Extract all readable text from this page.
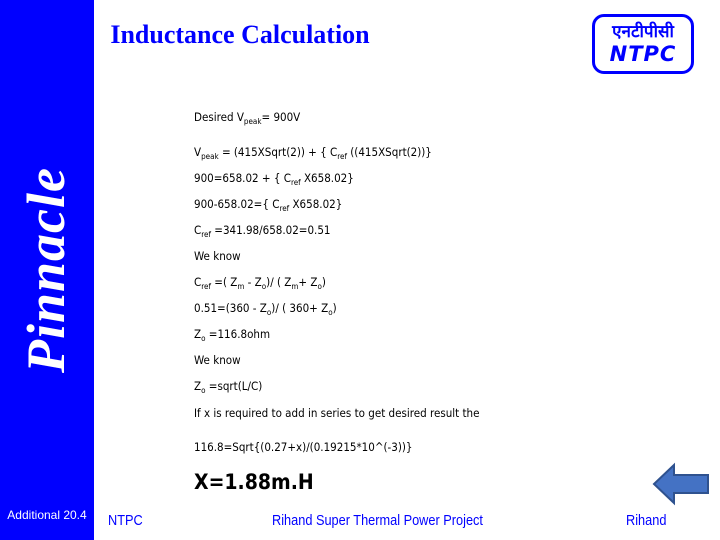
Pinnacle
Additional 20.4
Inductance Calculation	एनटीपीसी
NTPC
Desired $V_{peak}= 900V$
$V_{peak}$ = (415XSqrt(2)) + { $C_{ref}$ ((415XSqrt(2))}
900=658.02 + { $C_{ref}$ X658.02}
900-658.02={ $C_{ref}$ X658.02}
$C_{ref} =341.98/658.02=0.51$
We know
$C_{ref}$ =( $Z_m - Z_o)/$ ( $Z_m+ Z_o$)
$0.51=(360 - Z_o)/$ ( $360+ Z_o$)
$Z_o =116.8ohm$
We know
$Z_o$ =sqrt(L/C)
If x is required to add in series to get desired result the
116.8=Sqrt{(0.27+x)/(0.19215*10^(-3))}
X=1.88m.H
NTPC	Rihand Super Thermal Power Project	Rihand
